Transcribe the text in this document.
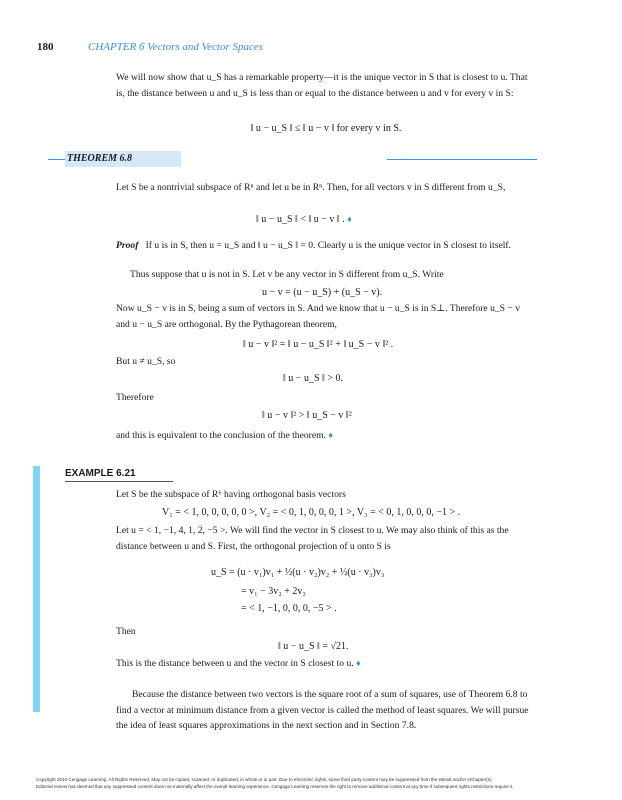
180	CHAPTER 6 Vectors and Vector Spaces
We will now show that u_S has a remarkable property—it is the unique vector in S that is closest to u. That is, the distance between u and u_S is less than or equal to the distance between u and v for every v in S:
‖ u − u_S ‖ ≤ ‖ u − v ‖ for every v in S.
THEOREM 6.8
Let S be a nontrivial subspace of Rⁿ and let u be in Rⁿ. Then, for all vectors v in S different from u_S,
‖ u − u_S ‖ < ‖ u − v ‖ . ♦
Proof If u is in S, then u = u_S and ‖ u − u_S ‖ = 0. Clearly u is the unique vector in S closest to itself.
Thus suppose that u is not in S. Let v be any vector in S different from u_S. Write
u − v = (u − u_S) + (u_S − v).
Now u_S − v is in S, being a sum of vectors in S. And we know that u − u_S is in S⊥. Therefore u_S − v and u − u_S are orthogonal. By the Pythagorean theorem,
‖ u − v ‖² = ‖ u − u_S ‖² + ‖ u_S − v ‖² .
But u ≠ u_S, so
‖ u − u_S ‖ > 0.
Therefore
‖ u − v ‖² > ‖ u_S − v ‖²
and this is equivalent to the conclusion of the theorem. ♦
EXAMPLE 6.21
Let S be the subspace of R⁶ having orthogonal basis vectors
V₁ = < 1, 0, 0, 0, 0, 0 >, V₂ = < 0, 1, 0, 0, 0, 1 >, V₃ = < 0, 1, 0, 0, 0, −1 > .
Let u = < 1, −1, 4, 1, 2, −5 >. We will find the vector in S closest to u. We may also think of this as the distance between u and S. First, the orthogonal projection of u onto S is
u_S = (u · v₁)v₁ + ½(u · v₂)v₂ + ½(u · v₃)v₃
= v₁ − 3v₂ + 2v₃
= < 1, −1, 0, 0, 0, −5 > .
Then
‖ u − u_S ‖ = √21.
This is the distance between u and the vector in S closest to u. ♦
Because the distance between two vectors is the square root of a sum of squares, use of Theorem 6.8 to find a vector at minimum distance from a given vector is called the method of least squares. We will pursue the idea of least squares approximations in the next section and in Section 7.8.
Copyright 2010 Cengage Learning. All Rights Reserved. May not be copied, scanned, or duplicated, in whole or in part. Due to electronic rights, some third party content may be suppressed from the eBook and/or eChapter(s).
Editorial review has deemed that any suppressed content does not materially affect the overall learning experience. Cengage Learning reserves the right to remove additional content at any time if subsequent rights restrictions require it.
